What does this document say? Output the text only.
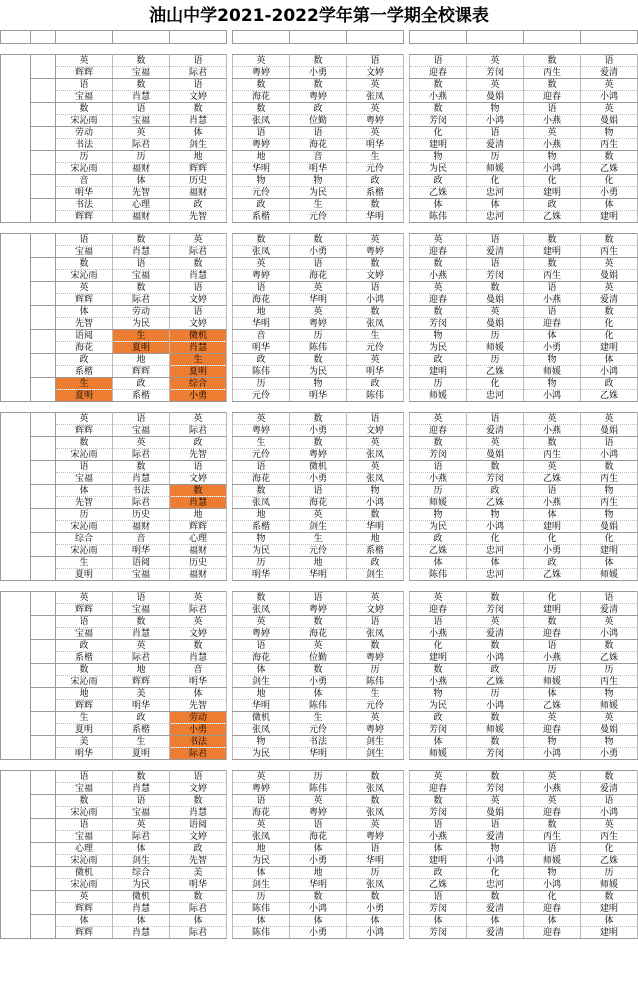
油山中学2021-2022学年第一学期全校课表

		英	数	语		英	数	语		语	英	数	语
		辉辉	宝福	际君		粤婷	小勇	文婷		迎春	芳闵	丙生	爱清
		语	数	语		数	数	英		数	英	数	英
		宝福	肖慧	文婷		海花	粤婷	张凤		小燕	曼娟	迎春	小鸿
		数	语	数		数	政	英		数	物	语	英
		宋沁雨	宝福	肖慧		张凤	位勤	粤婷		芳闵	小鸿	小燕	曼娟
		劳动	英	体		语	语	英		化	语	英	物
		书法	际君	剑生		粤婷	海花	明华		建明	爱清	小燕	丙生
		历	历	地		地	音	生		物	历	物	数
		宋沁雨	福财	辉辉		华明	明华	元伶		为民	师媛	小鸿	乙姝
		音	体	历史		物	物	政		政	化	化	化
		明华	先智	福财		元伶	为民	系楷		乙姝	忠河	建明	小勇
		书法	心理	政		政	生	数		体	体	政	体
		辉辉	福财	先智		系楷	元伶	华明		陈伟	忠河	乙姝	建明

		语	数	英		数	数	英		英	语	数	数
		宝福	肖慧	际君		张凤	小勇	粤婷		迎春	爱清	建明	丙生
		数	语	数		英	语	数		数	语	数	英
		宋沁雨	宝福	肖慧		粤婷	海花	文婷		小燕	芳闵	丙生	曼娟
		英	数	语		语	英	语		英	数	语	英
		辉辉	际君	文婷		海花	华明	小鸿		迎春	曼娟	小燕	爱清
		体	劳动	语		地	英	数		数	英	语	数
		先智	为民	文婷		华明	粤婷	张凤		芳闵	曼娟	迎春	化
		语阅	生	微机		音	历	生		物	历	体	化
		海花	夏明	肖慧		明华	陈伟	元伶		为民	师媛	小勇	建明
		政	地	生		政	数	英		政	历	物	体
		系楷	辉辉	夏明		陈伟	为民	明华		建明	乙姝	师媛	小鸿
		生	政	综合		历	物	政		历	化	物	政
		夏明	系楷	小勇		元伶	明华	陈伟		师媛	忠河	小鸿	乙姝

		英	语	英		英	数	语		英	语	英	英
		辉辉	宝福	际君		粤婷	小勇	文婷		迎春	爱清	小燕	曼娟
		数	英	政		生	数	英		数	英	数	语
		宋沁雨	际君	先智		元伶	粤婷	张凤		芳闵	曼娟	丙生	小鸿
		语	数	语		语	微机	英		语	数	英	数
		宝福	肖慧	文婷		海花	小勇	张凤		小燕	芳闵	乙姝	丙生
		体	书法	数		数	语	物		历	政	语	物
		先智	际君	肖慧		张凤	海花	小鸿		师媛	乙姝	小燕	丙生
		历	历史	地		地	英	数		物	物	体	物
		宋沁雨	福财	辉辉		系楷	剑生	华明		为民	小鸿	建明	曼娟
		综合	音	心理		物	生	地		政	化	化	化
		宋沁雨	明华	福财		为民	元伶	系楷		乙姝	忠河	小勇	建明
		生	语阅	历史		历	地	政		体	体	政	体
		夏明	宝福	福财		明华	华明	剑生		陈伟	忠河	乙姝	师媛

		英	语	英		数	语	英		英	数	化	语
		辉辉	宝福	际君		张凤	粤婷	文婷		迎春	芳闵	建明	爱清
		语	数	英		英	数	语		语	英	数	英
		宝福	肖慧	文婷		粤婷	海花	张凤		小燕	爱清	迎春	小鸿
		政	英	数		语	英	数		化	数	语	数
		系楷	际君	肖慧		海花	位勤	粤婷		建明	小鸿	小燕	乙姝
		数	地	音		体	数	历		数	政	历	历
		宋沁雨	辉辉	明华		剑生	小勇	陈伟		小燕	乙姝	师媛	丙生
		地	美	体		地	体	生		物	历	体	物
		辉辉	明华	先智		华明	陈伟	元伶		为民	小鸿	乙姝	师媛
		生	政	劳动		微机	生	英		政	数	英	英
		夏明	系楷	小勇		张凤	元伶	粤婷		芳闵	师媛	迎春	曼娟
		美	生	书法		物	书法	剑生		体	数	物	物
		明华	夏明	际君		为民	华明	剑生		师媛	芳闵	小鸿	小勇

		语	数	语		英	历	数		英	数	英	数
		宝福	肖慧	文婷		粤婷	陈伟	张凤		迎春	芳闵	小燕	爱清
		数	语	数		语	英	数		数	英	英	语
		宋沁雨	宝福	肖慧		海花	粤婷	张凤		芳闵	曼娟	迎春	小鸿
		语	英	语阅		英	语	英		语	语	数	英
		宝福	际君	文婷		张凤	海花	粤婷		小燕	爱清	丙生	丙生
		心理	体	政		地	体	语		体	物	语	化
		宋沁雨	剑生	先智		为民	小勇	华明		建明	小鸿	师媛	乙姝
		微机	综合	美		体	地	历		政	化	物	历
		宋沁雨	为民	明华		剑生	华明	张凤		乙姝	忠河	小鸿	师媛
		英	微机	数		历	数	数		语	数	化	数
		辉辉	肖慧	际君		陈伟	小鸿	小勇		芳闵	爱清	迎春	建明
		体	体	体		体	体	体		体	体	体	体
		辉辉	肖慧	际君		陈伟	小勇	小鸿		芳闵	爱清	迎春	建明
